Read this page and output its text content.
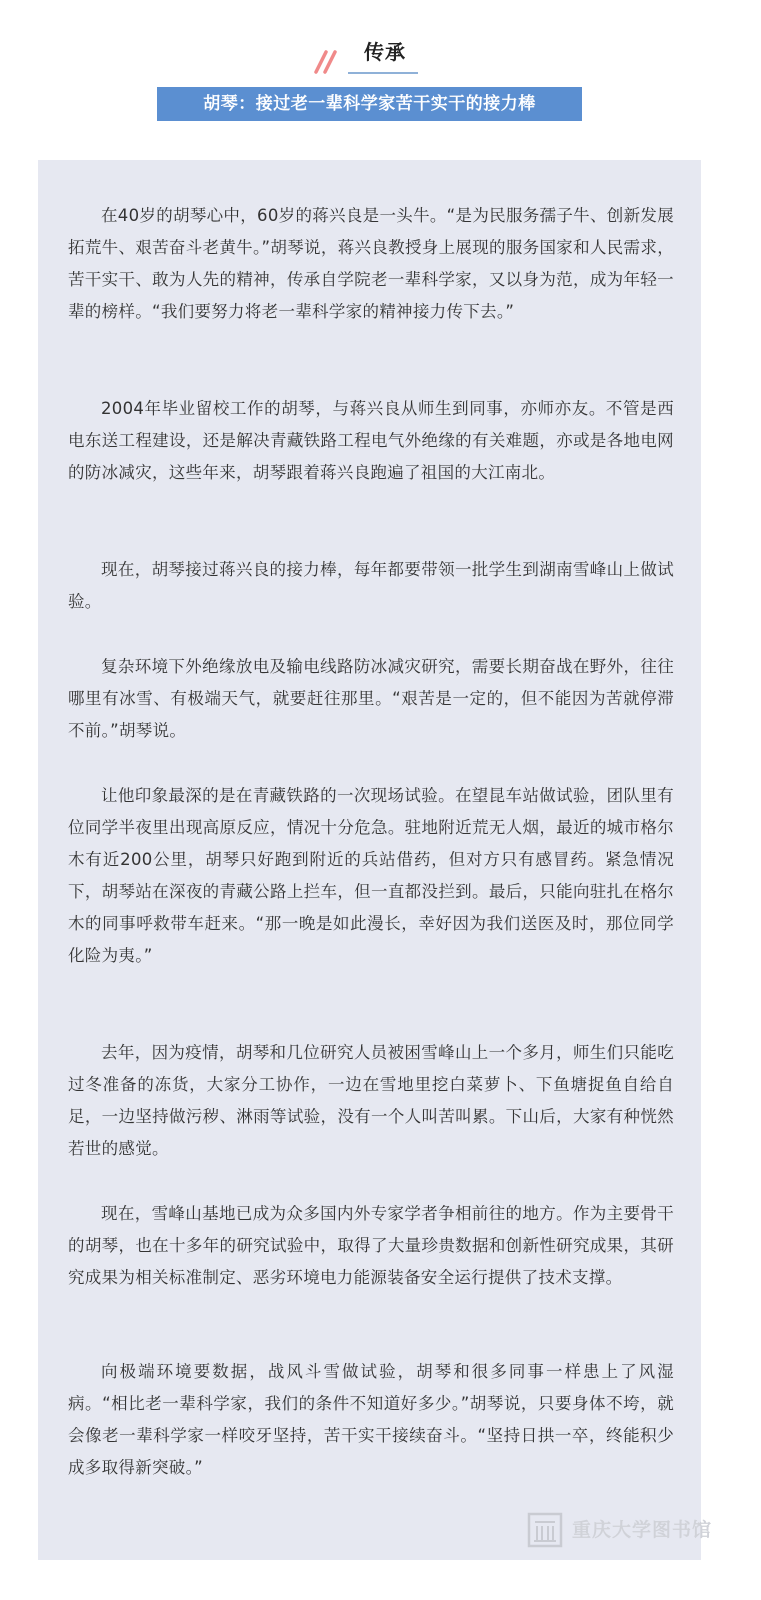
传承
胡琴：接过老一辈科学家苦干实干的接力棒

在40岁的胡琴心中，60岁的蒋兴良是一头牛。“是为民服务孺子牛、创新发展拓荒牛、艰苦奋斗老黄牛。”胡琴说，蒋兴良教授身上展现的服务国家和人民需求，苦干实干、敢为人先的精神，传承自学院老一辈科学家，又以身为范，成为年轻一辈的榜样。“我们要努力将老一辈科学家的精神接力传下去。”

2004年毕业留校工作的胡琴，与蒋兴良从师生到同事，亦师亦友。不管是西电东送工程建设，还是解决青藏铁路工程电气外绝缘的有关难题，亦或是各地电网的防冰减灾，这些年来，胡琴跟着蒋兴良跑遍了祖国的大江南北。

现在，胡琴接过蒋兴良的接力棒，每年都要带领一批学生到湖南雪峰山上做试验。

复杂环境下外绝缘放电及输电线路防冰减灾研究，需要长期奋战在野外，往往哪里有冰雪、有极端天气，就要赶往那里。“艰苦是一定的，但不能因为苦就停滞不前。”胡琴说。

让他印象最深的是在青藏铁路的一次现场试验。在望昆车站做试验，团队里有位同学半夜里出现高原反应，情况十分危急。驻地附近荒无人烟，最近的城市格尔木有近200公里，胡琴只好跑到附近的兵站借药，但对方只有感冒药。紧急情况下，胡琴站在深夜的青藏公路上拦车，但一直都没拦到。最后，只能向驻扎在格尔木的同事呼救带车赶来。“那一晚是如此漫长，幸好因为我们送医及时，那位同学化险为夷。”

去年，因为疫情，胡琴和几位研究人员被困雪峰山上一个多月，师生们只能吃过冬准备的冻货，大家分工协作，一边在雪地里挖白菜萝卜、下鱼塘捉鱼自给自足，一边坚持做污秽、淋雨等试验，没有一个人叫苦叫累。下山后，大家有种恍然若世的感觉。

现在，雪峰山基地已成为众多国内外专家学者争相前往的地方。作为主要骨干的胡琴，也在十多年的研究试验中，取得了大量珍贵数据和创新性研究成果，其研究成果为相关标准制定、恶劣环境电力能源装备安全运行提供了技术支撑。

向极端环境要数据，战风斗雪做试验，胡琴和很多同事一样患上了风湿病。“相比老一辈科学家，我们的条件不知道好多少。”胡琴说，只要身体不垮，就会像老一辈科学家一样咬牙坚持，苦干实干接续奋斗。“坚持日拱一卒，终能积少成多取得新突破。”

重庆大学图书馆
